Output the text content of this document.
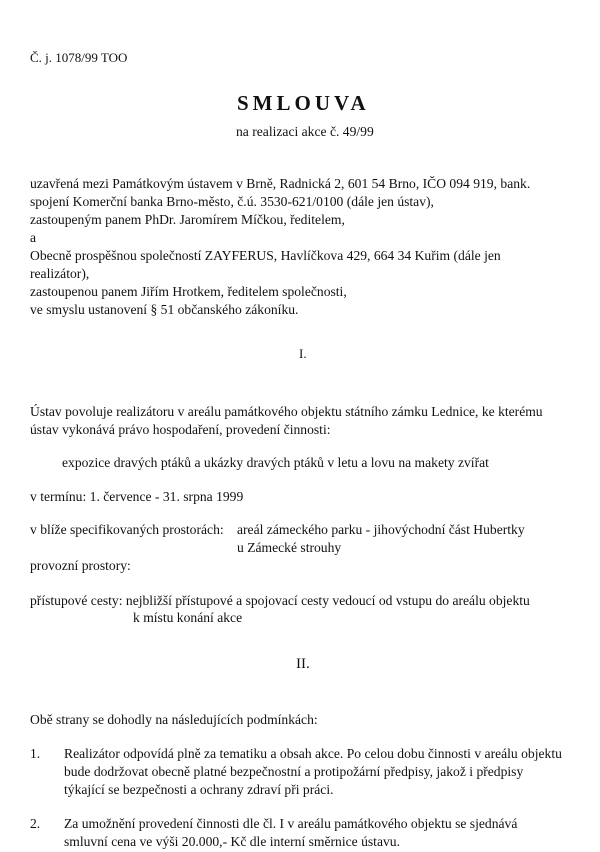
Č. j. 1078/99 TOO
SMLOUVA
na realizaci akce č. 49/99
uzavřená mezi Památkovým ústavem v Brně, Radnická 2, 601 54 Brno, IČO 094 919, bank.
spojení Komerční banka Brno-město, č.ú. 3530-621/0100 (dále jen ústav),
zastoupeným panem PhDr. Jaromírem Míčkou, ředitelem,
a
Obecně prospěšnou společností ZAYFERUS, Havlíčkova 429, 664 34 Kuřim (dále jen
realizátor),
zastoupenou panem Jiřím Hrotkem, ředitelem společnosti,
ve smyslu ustanovení § 51 občanského zákoníku.
I.
Ústav povoluje realizátoru v areálu památkového objektu státního zámku Lednice, ke kterému
ústav vykonává právo hospodaření, provedení činnosti:
expozice dravých ptáků a ukázky dravých ptáků v letu a lovu na makety zvířat
v termínu: 1. července - 31. srpna 1999
v blíže specifikovaných prostorách: areál zámeckého parku - jihovýchodní část Hubertky
u Zámecké strouhy
provozní prostory:
přístupové cesty: nejbližší přístupové a spojovací cesty vedoucí od vstupu do areálu objektu
k místu konání akce
II.
Obě strany se dohodly na následujících podmínkách:
1. Realizátor odpovídá plně za tematiku a obsah akce. Po celou dobu činnosti v areálu objektu
bude dodržovat obecně platné bezpečnostní a protipožární předpisy, jakož i předpisy
týkající se bezpečnosti a ochrany zdraví při práci.
2. Za umožnění provedení činnosti dle čl. I v areálu památkového objektu se sjednává
smluvní cena ve výši 20.000,- Kč dle interní směrnice ústavu.
